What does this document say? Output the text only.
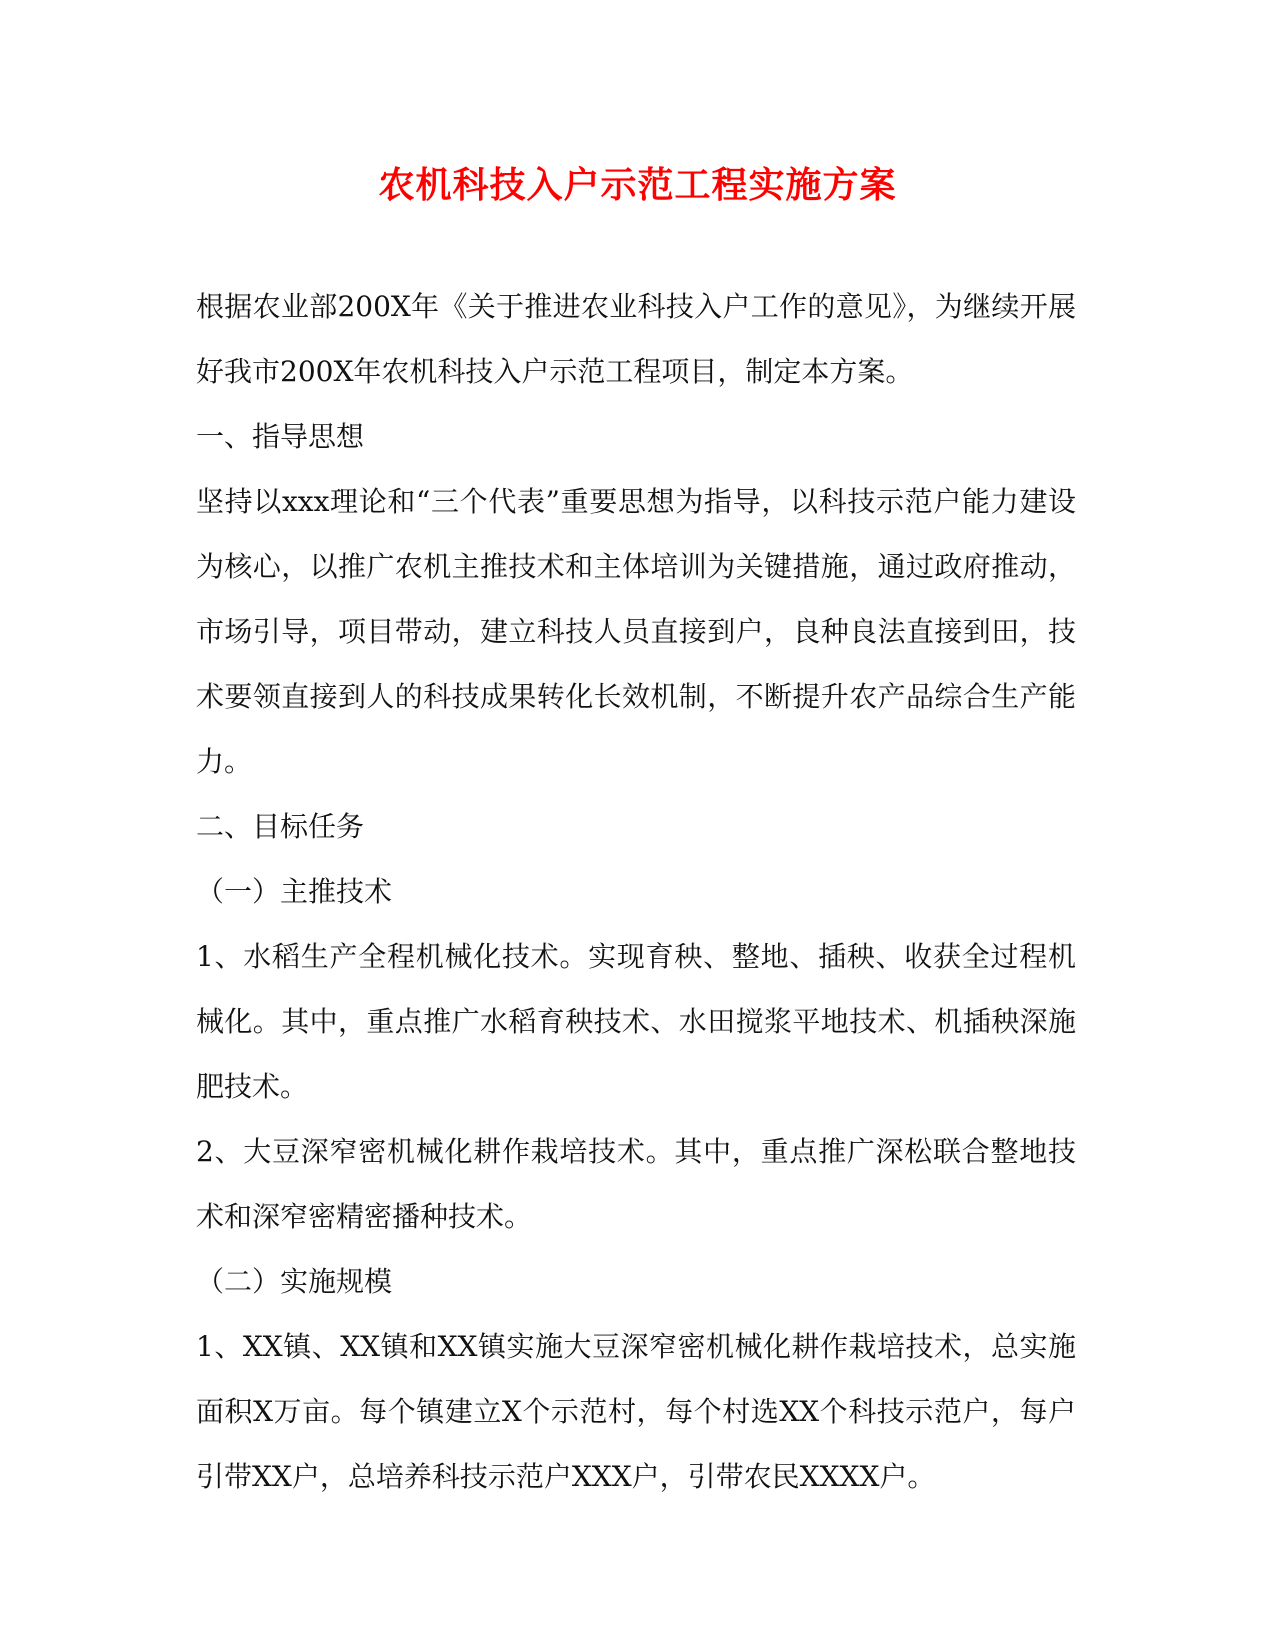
农机科技入户示范工程实施方案

根据农业部200X年《关于推进农业科技入户工作的意见》，为继续开展好我市200X年农机科技入户示范工程项目，制定本方案。

一、指导思想

坚持以xxx理论和“三个代表”重要思想为指导，以科技示范户能力建设为核心，以推广农机主推技术和主体培训为关键措施，通过政府推动，市场引导，项目带动，建立科技人员直接到户，良种良法直接到田，技术要领直接到人的科技成果转化长效机制，不断提升农产品综合生产能力。

二、目标任务

（一）主推技术

1、水稻生产全程机械化技术。实现育秧、整地、插秧、收获全过程机械化。其中，重点推广水稻育秧技术、水田搅浆平地技术、机插秧深施肥技术。

2、大豆深窄密机械化耕作栽培技术。其中，重点推广深松联合整地技术和深窄密精密播种技术。

（二）实施规模

1、XX镇、XX镇和XX镇实施大豆深窄密机械化耕作栽培技术，总实施面积X万亩。每个镇建立X个示范村，每个村选XX个科技示范户，每户引带XX户，总培养科技示范户XXX户，引带农民XXXX户。
